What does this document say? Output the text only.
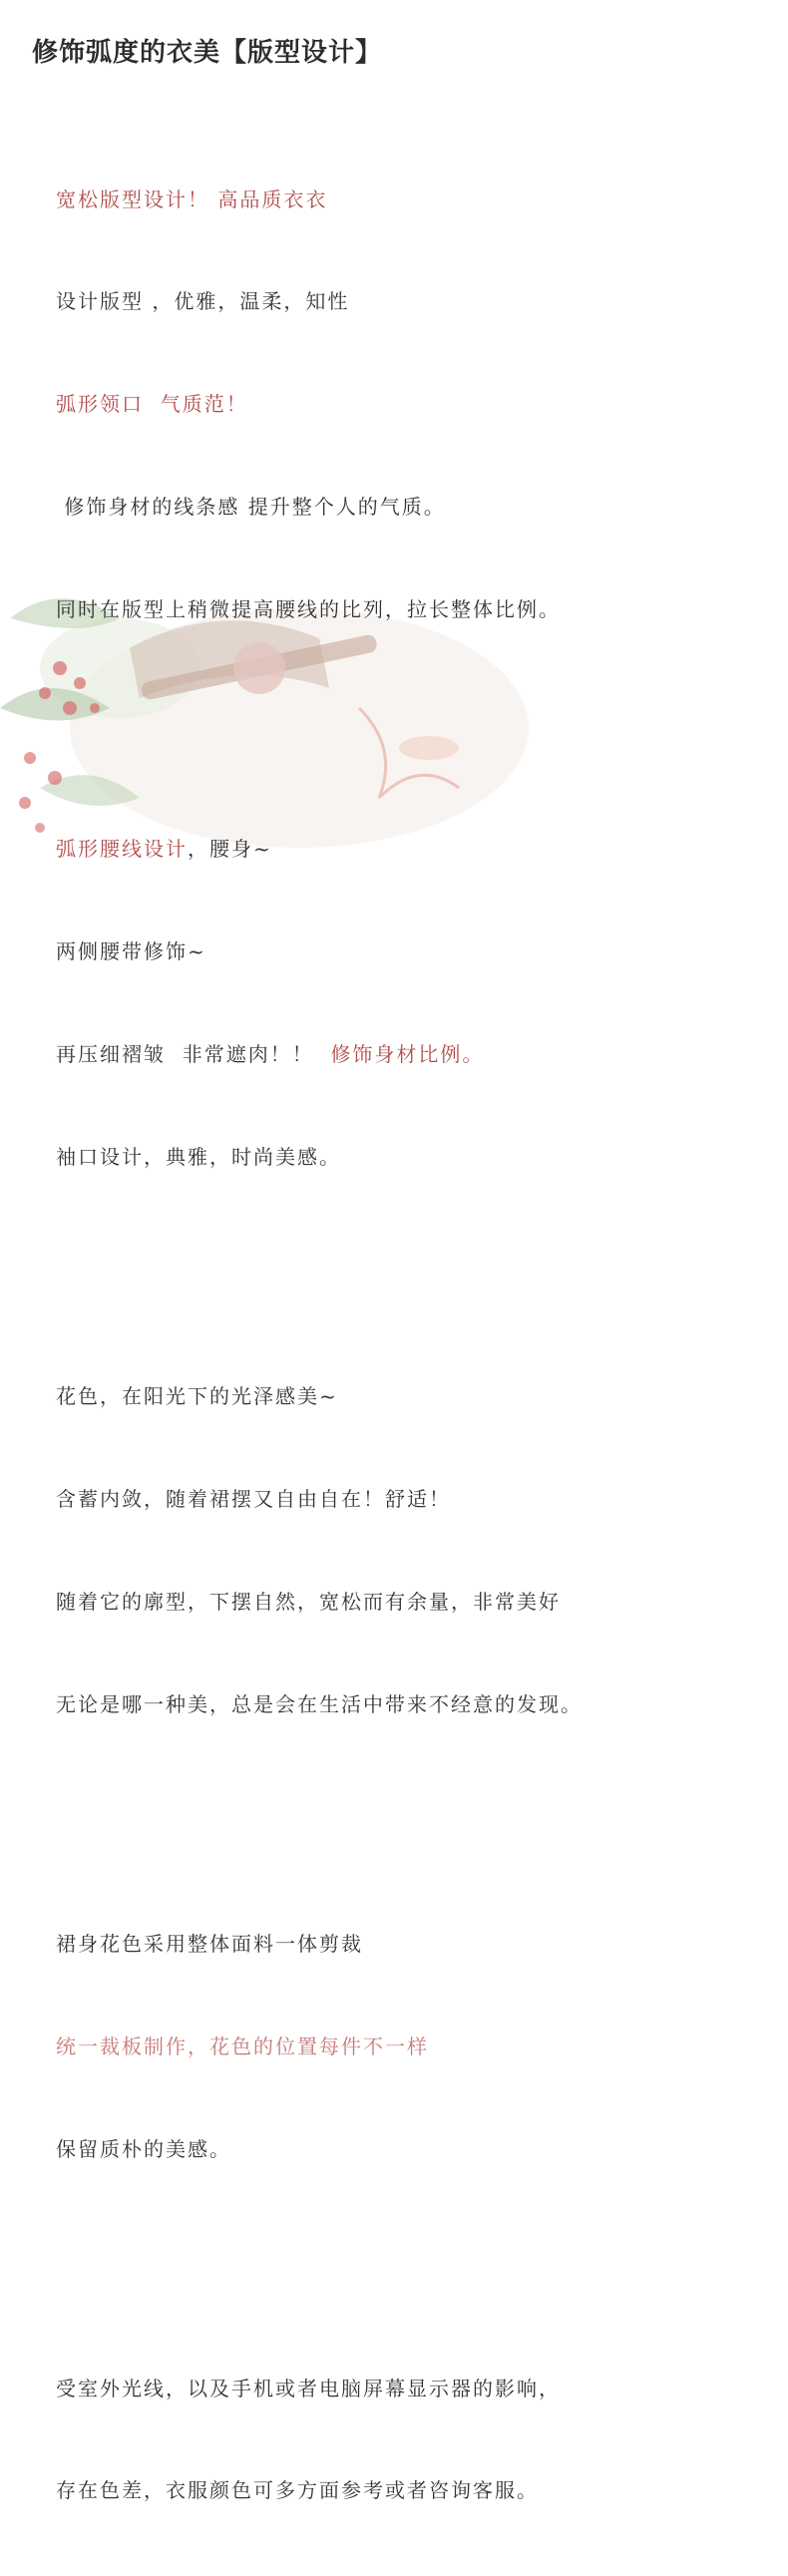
修饰弧度的衣美【版型设计】

宽松版型设计！ 高品质衣衣

设计版型 ，优雅，温柔，知性

弧形领口  气质范！

修饰身材的线条感 提升整个人的气质。

同时在版型上稍微提高腰线的比列，拉长整体比例。

弧形腰线设计，腰身~

两侧腰带修饰~

再压细褶皱  非常遮肉！！  修饰身材比例。

袖口设计，典雅，时尚美感。

花色，在阳光下的光泽感美~

含蓄内敛，随着裙摆又自由自在！舒适！

随着它的廓型，下摆自然，宽松而有余量，非常美好

无论是哪一种美，总是会在生活中带来不经意的发现。

裙身花色采用整体面料一体剪裁

统一裁板制作，花色的位置每件不一样

保留质朴的美感。

受室外光线，以及手机或者电脑屏幕显示器的影响，

存在色差，衣服颜色可多方面参考或者咨询客服。
